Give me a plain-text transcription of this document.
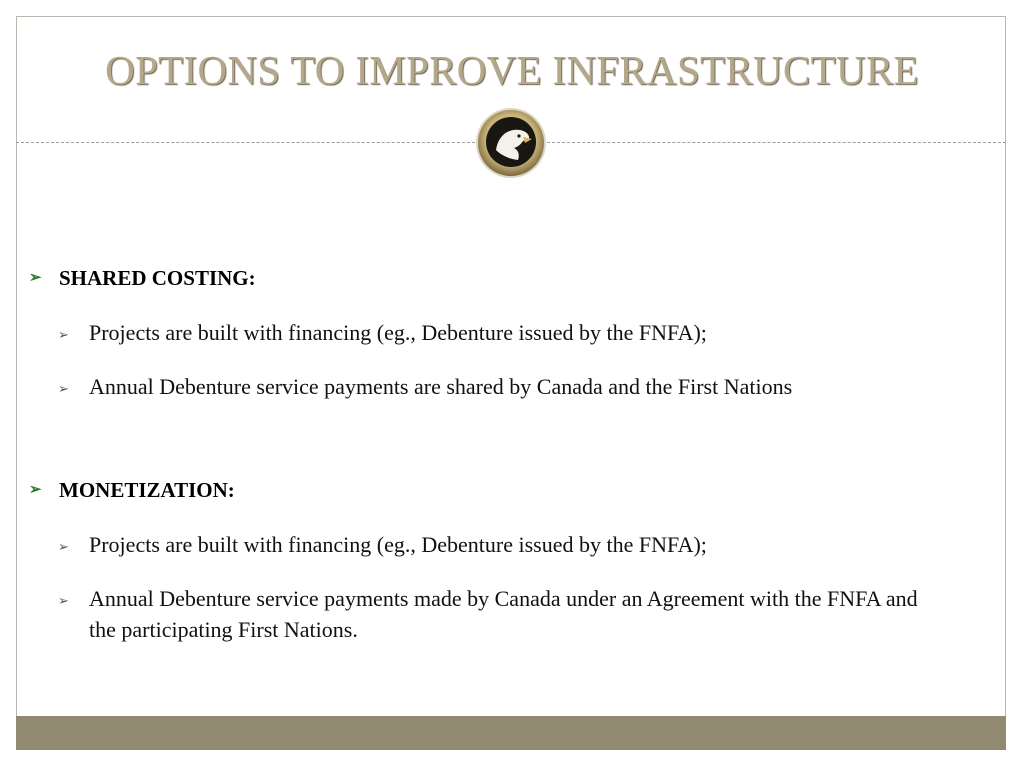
OPTIONS TO IMPROVE INFRASTRUCTURE
➢ SHARED COSTING:
➢ Projects are built with financing (eg., Debenture issued by the FNFA);
➢ Annual Debenture service payments are shared by Canada and the First Nations
➢ MONETIZATION:
➢ Projects are built with financing (eg., Debenture issued by the FNFA);
➢ Annual Debenture service payments made by Canada under an Agreement with the FNFA and the participating First Nations.
